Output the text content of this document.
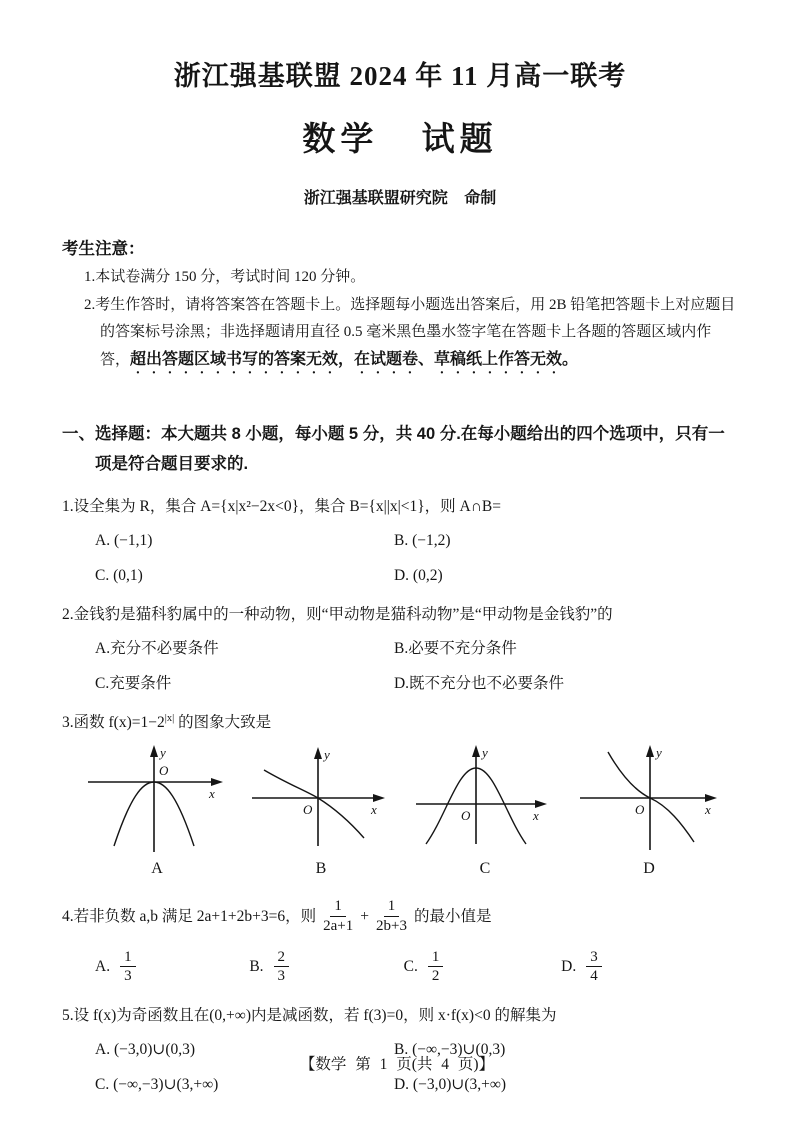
浙江强基联盟 2024 年 11 月高一联考
数学 试题
浙江强基联盟研究院 命制
考生注意：

1.本试卷满分 150 分，考试时间 120 分钟。

2.考生作答时，请将答案答在答题卡上。选择题每小题选出答案后，用 2B 铅笔把答题卡上对应题目的答案标号涂黑；非选择题请用直径 0.5 毫米黑色墨水签字笔在答题卡上各题的答题区域内作答，超出答题区域书写的答案无效，在试题卷、草稿纸上作答无效。

一、选择题：本大题共 8 小题，每小题 5 分，共 40 分.在每小题给出的四个选项中，只有一项是符合题目要求的.

1.设全集为 R，集合 A={x|x²−2x<0}，集合 B={x||x|<1}，则 A∩B=

A. (−1,1)	B. (−1,2)
C. (0,1)	D. (0,2)

2.金钱豹是猫科豹属中的一种动物，则“甲动物是猫科动物”是“甲动物是金钱豹”的

A.充分不必要条件	B.必要不充分条件
C.充要条件	D.既不充分也不必要条件

3.函数 $f(x)=1-2^{|x|}$ 的图象大致是

O
y
x
A
O
y
x
B
O
y
x
C
O
y
x
D

4.若非负数 a,b 满足 2a+1+2b+3=6，则 $\frac{1}{2a+1} + \frac{1}{2b+3}$ 的最小值是

A. $\frac{1}{3}$	B. $\frac{2}{3}$	C. $\frac{1}{2}$	D. $\frac{3}{4}$

5.设 f(x)为奇函数且在(0,+∞)内是减函数，若 f(3)=0，则 x·f(x)<0 的解集为

A. (−3,0)∪(0,3)	B. (−∞,−3)∪(0,3)
C. (−∞,−3)∪(3,+∞)	D. (−3,0)∪(3,+∞)
【数学 第 1 页(共 4 页)】
